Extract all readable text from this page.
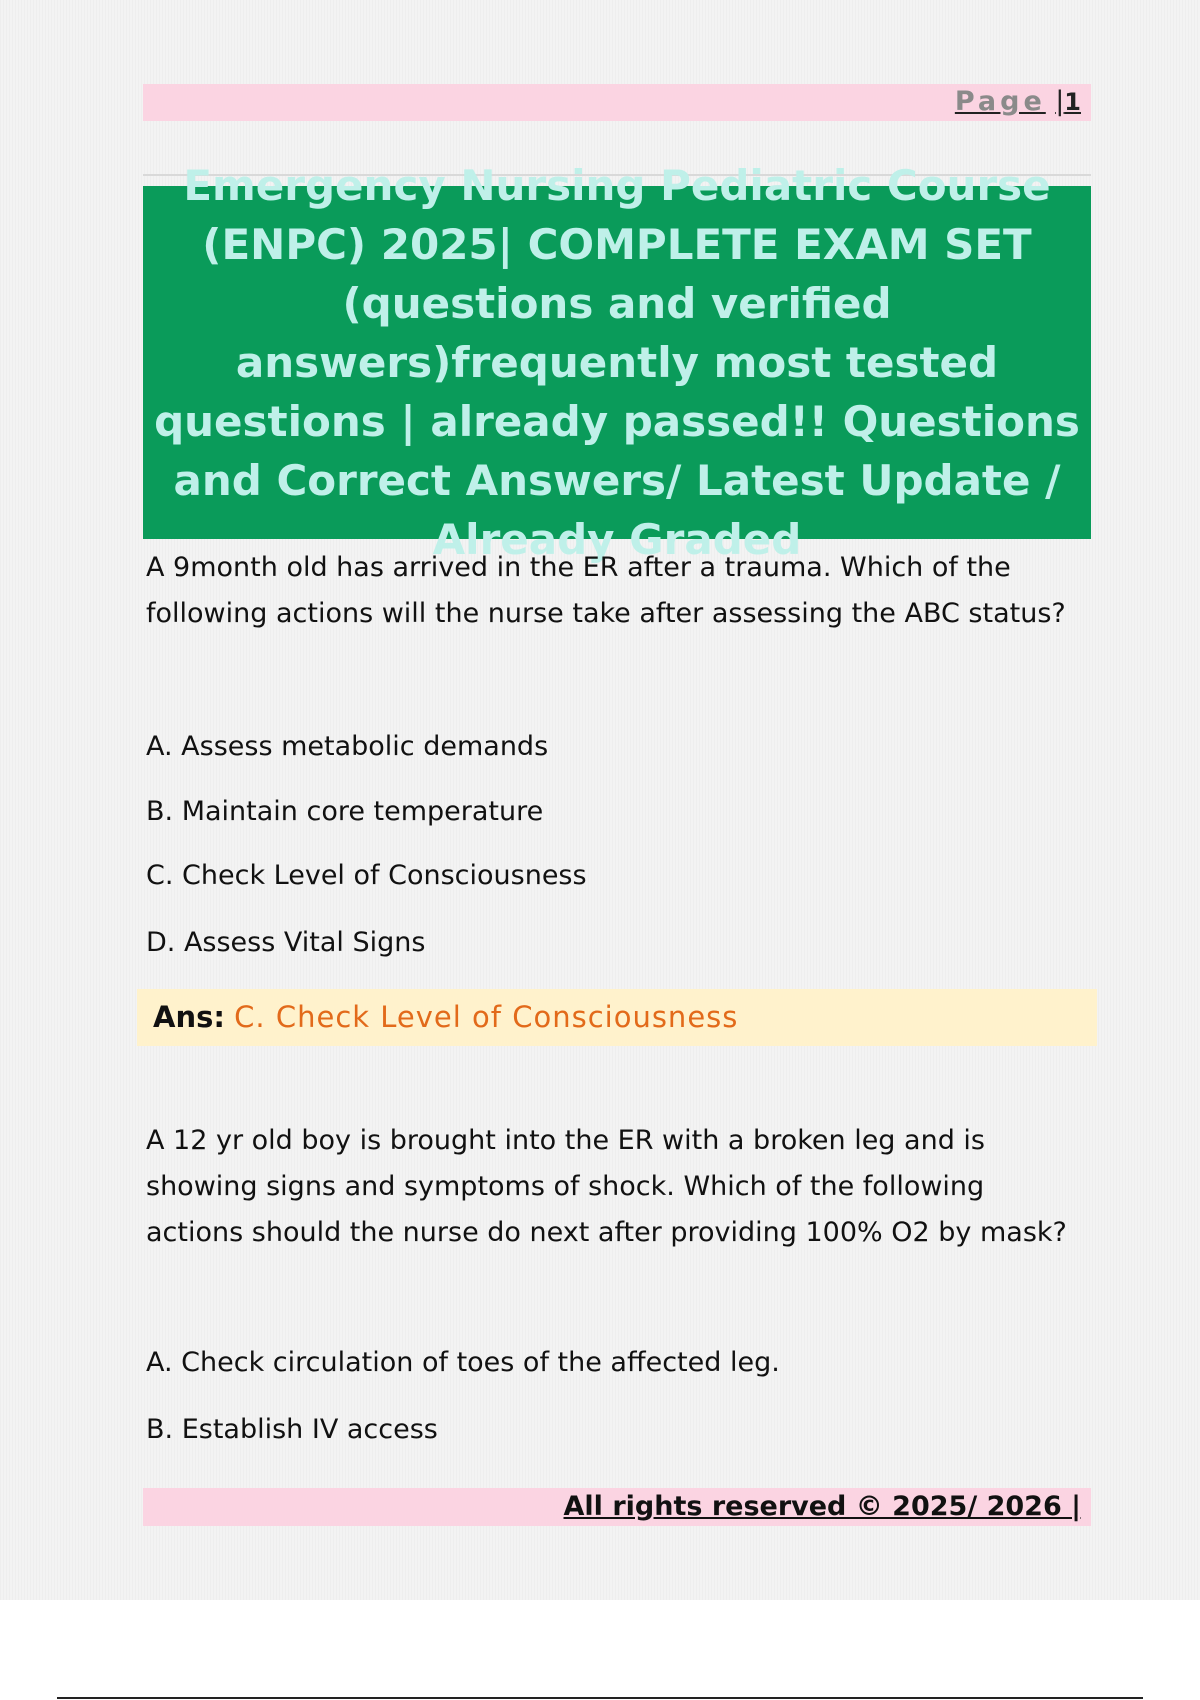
Page |1
Emergency Nursing Pediatric Course (ENPC) 2025| COMPLETE EXAM SET (questions and verified answers)frequently most tested questions | already passed!! Questions and Correct Answers/ Latest Update / Already Graded
A 9month old has arrived in the ER after a trauma. Which of the following actions will the nurse take after assessing the ABC status?
A. Assess metabolic demands
B. Maintain core temperature
C. Check Level of Consciousness
D. Assess Vital Signs
Ans: C. Check Level of Consciousness
A 12 yr old boy is brought into the ER with a broken leg and is showing signs and symptoms of shock. Which of the following actions should the nurse do next after providing 100% O2 by mask?
A. Check circulation of toes of the affected leg.
B. Establish IV access
All rights reserved © 2025/ 2026 |
